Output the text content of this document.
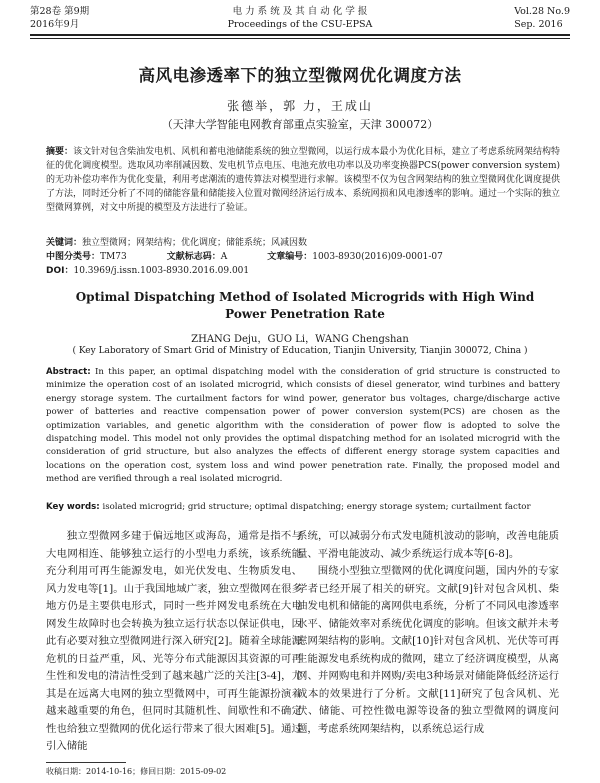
第28卷 第9期
2016年9月
电 力 系 统 及 其 自 动 化 学 报
Proceedings of the CSU-EPSA
Vol.28 No.9
Sep. 2016
高风电渗透率下的独立型微网优化调度方法
张德举，郭 力，王成山
（天津大学智能电网教育部重点实验室，天津 300072）
摘要：该文针对包含柴油发电机、风机和蓄电池储能系统的独立型微网，以运行成本最小为优化目标，建立了考虑系统网架结构特征的优化调度模型。选取风功率削减因数、发电机节点电压、电池充放电功率以及功率变换器PCS(power conversion system)的无功补偿功率作为优化变量，利用考虑潮流的遗传算法对模型进行求解。该模型不仅为包含网架结构的独立型微网优化调度提供了方法，同时还分析了不同的储能容量和储能接入位置对微网经济运行成本、系统网损和风电渗透率的影响。通过一个实际的独立型微网算例，对文中所提的模型及方法进行了验证。
关键词：独立型微网；网架结构；优化调度；储能系统；风减因数
中图分类号：TM73	文献标志码：A	文章编号：1003-8930(2016)09-0001-07
DOI：10.3969/j.issn.1003-8930.2016.09.001
Optimal Dispatching Method of Isolated Microgrids with High Wind Power Penetration Rate
ZHANG Deju，GUO Li，WANG Chengshan
( Key Laboratory of Smart Grid of Ministry of Education, Tianjin University, Tianjin 300072, China )
Abstract: In this paper, an optimal dispatching model with the consideration of grid structure is constructed to minimize the operation cost of an isolated microgrid, which consists of diesel generator, wind turbines and battery energy storage system. The curtailment factors for wind power, generator bus voltages, charge/discharge active power of batteries and reactive compensation power of power conversion system(PCS) are chosen as the optimization variables, and genetic algorithm with the consideration of power flow is adopted to solve the dispatching model. This model not only provides the optimal dispatching method for an isolated microgrid with the consideration of grid structure, but also analyzes the effects of different energy storage system capacities and locations on the operation cost, system loss and wind power penetration rate. Finally, the proposed model and method are verified through a real isolated microgrid.
Key words: isolated microgrid; grid structure; optimal dispatching; energy storage system; curtailment factor

独立型微网多建于偏远地区或海岛，通常是指不与大电网相连、能够独立运行的小型电力系统，该系统能充分利用可再生能源发电，如光伏发电、生物质发电、风力发电等[1]。山于我国地域广袤，独立型微网在很多地方仍是主要供电形式，同时一些并网发电系统在大电网发生故障时也会转换为独立运行状态以保证供电，因此有必要对独立型微网进行深入研究[2]。随着全球能源危机的日益严重，风、光等分布式能源因其资源的可再生性和发电的清洁性受到了越来越广泛的关注[3-4]，尤其是在远离大电网的独立型微网中，可再生能源扮演着越来越重要的角色，但同时其随机性、间歇性和不确定性也给独立型微网的优化运行带来了很大困难[5]。通过引入储能

系统，可以减弱分布式发电随机波动的影响，改善电能质量、平滑电能波动、减少系统运行成本等[6-8]。

围绕小型独立型微网的优化调度问题，国内外的专家学者已经开展了相关的研究。文献[9]针对包含风机、柴油发电机和储能的离网供电系统，分析了不同风电渗透率水平、储能效率对系统优化调度的影响。但该文献并未考虑网架结构的影响。文献[10]针对包含风机、光伏等可再生能源发电系统构成的微网，建立了经济调度模型，从离网、并网购电和并网购/卖电3种场景对储能降低经济运行成本的效果进行了分析。文献[11]研究了包含风机、光伏、储能、可控性微电源等设备的独立型微网的调度问题，考虑系统网架结构，以系统总运行成

收稿日期：2014-10-16；修回日期：2015-09-02
